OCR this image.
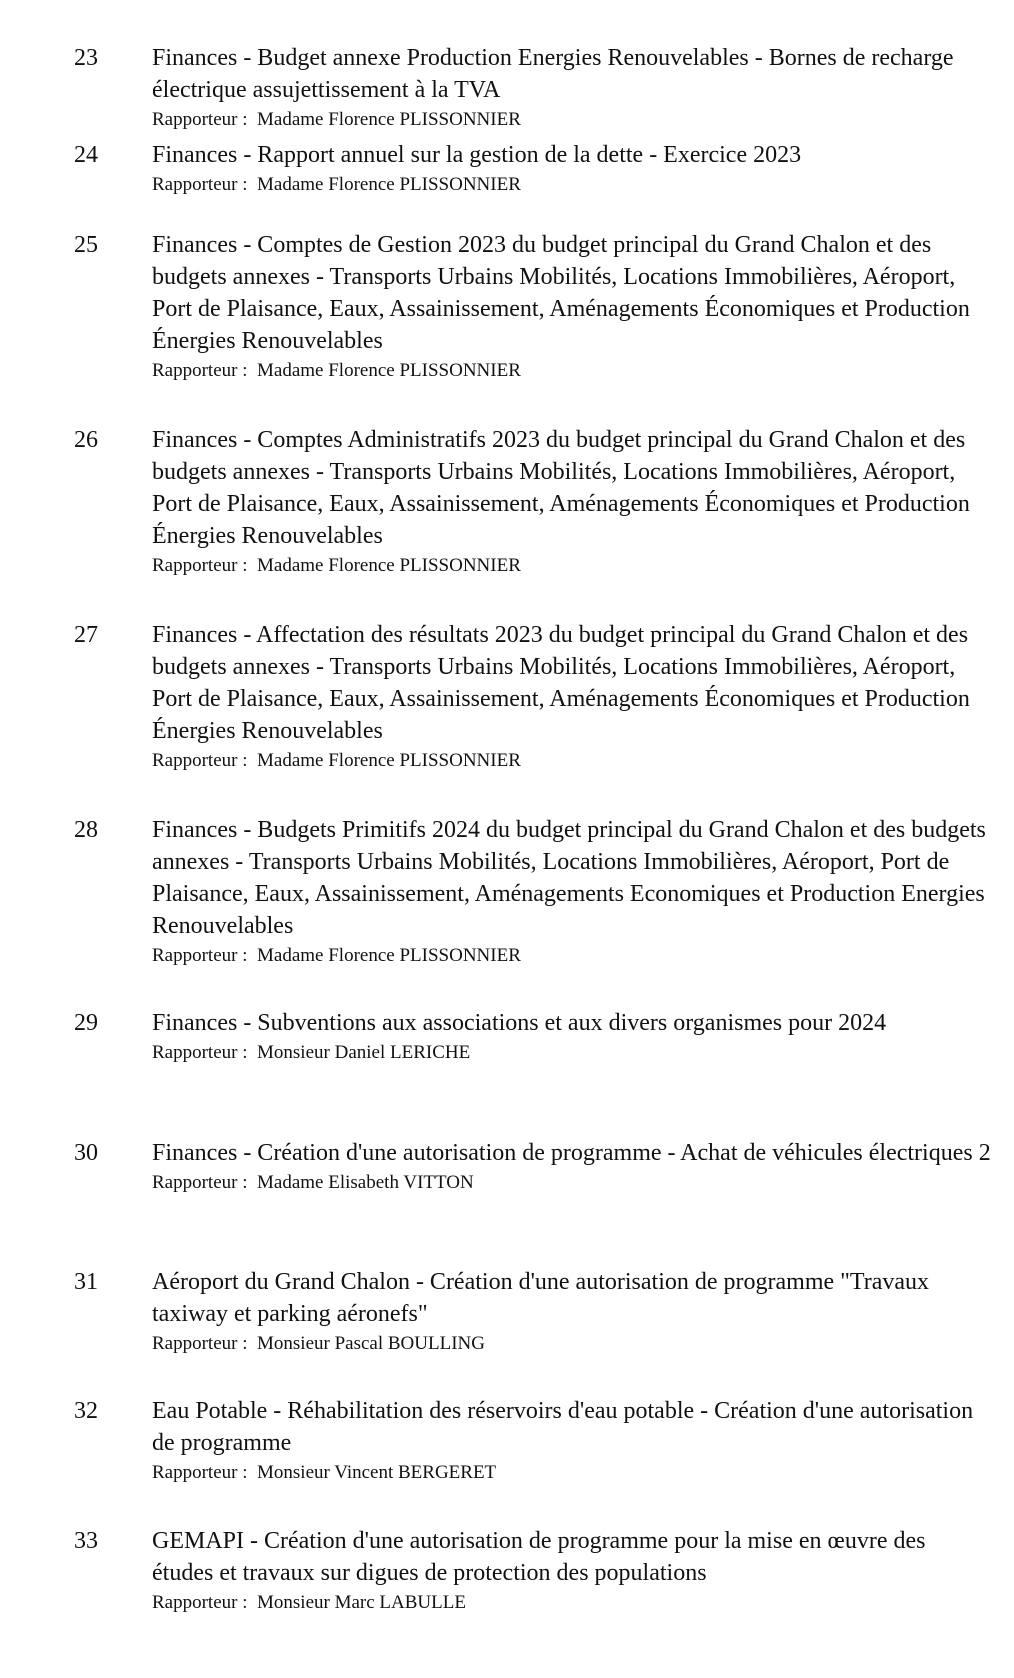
23	Finances - Budget annexe Production Energies Renouvelables - Bornes de recharge électrique assujettissement à la TVA

Rapporteur : Madame Florence PLISSONNIER

24	Finances - Rapport annuel sur la gestion de la dette - Exercice 2023

Rapporteur : Madame Florence PLISSONNIER

25	Finances - Comptes de Gestion 2023 du budget principal du Grand Chalon et des budgets annexes - Transports Urbains Mobilités, Locations Immobilières, Aéroport, Port de Plaisance, Eaux, Assainissement, Aménagements Économiques et Production Énergies Renouvelables

Rapporteur : Madame Florence PLISSONNIER

26	Finances - Comptes Administratifs 2023 du budget principal du Grand Chalon et des budgets annexes - Transports Urbains Mobilités, Locations Immobilières, Aéroport, Port de Plaisance, Eaux, Assainissement, Aménagements Économiques et Production Énergies Renouvelables

Rapporteur : Madame Florence PLISSONNIER

27	Finances - Affectation des résultats 2023 du budget principal du Grand Chalon et des budgets annexes - Transports Urbains Mobilités, Locations Immobilières, Aéroport, Port de Plaisance, Eaux, Assainissement, Aménagements Économiques et Production Énergies Renouvelables

Rapporteur : Madame Florence PLISSONNIER

28	Finances - Budgets Primitifs 2024 du budget principal du Grand Chalon et des budgets annexes - Transports Urbains Mobilités, Locations Immobilières, Aéroport, Port de Plaisance, Eaux, Assainissement, Aménagements Economiques et Production Energies Renouvelables

Rapporteur : Madame Florence PLISSONNIER

29	Finances - Subventions aux associations et aux divers organismes pour 2024

Rapporteur : Monsieur Daniel LERICHE

30	Finances - Création d'une autorisation de programme - Achat de véhicules électriques 2

Rapporteur : Madame Elisabeth VITTON

31	Aéroport du Grand Chalon - Création d'une autorisation de programme "Travaux taxiway et parking aéronefs"

Rapporteur : Monsieur Pascal BOULLING

32	Eau Potable - Réhabilitation des réservoirs d'eau potable - Création d'une autorisation de programme

Rapporteur : Monsieur Vincent BERGERET

33	GEMAPI - Création d'une autorisation de programme pour la mise en œuvre des études et travaux sur digues de protection des populations

Rapporteur : Monsieur Marc LABULLE
